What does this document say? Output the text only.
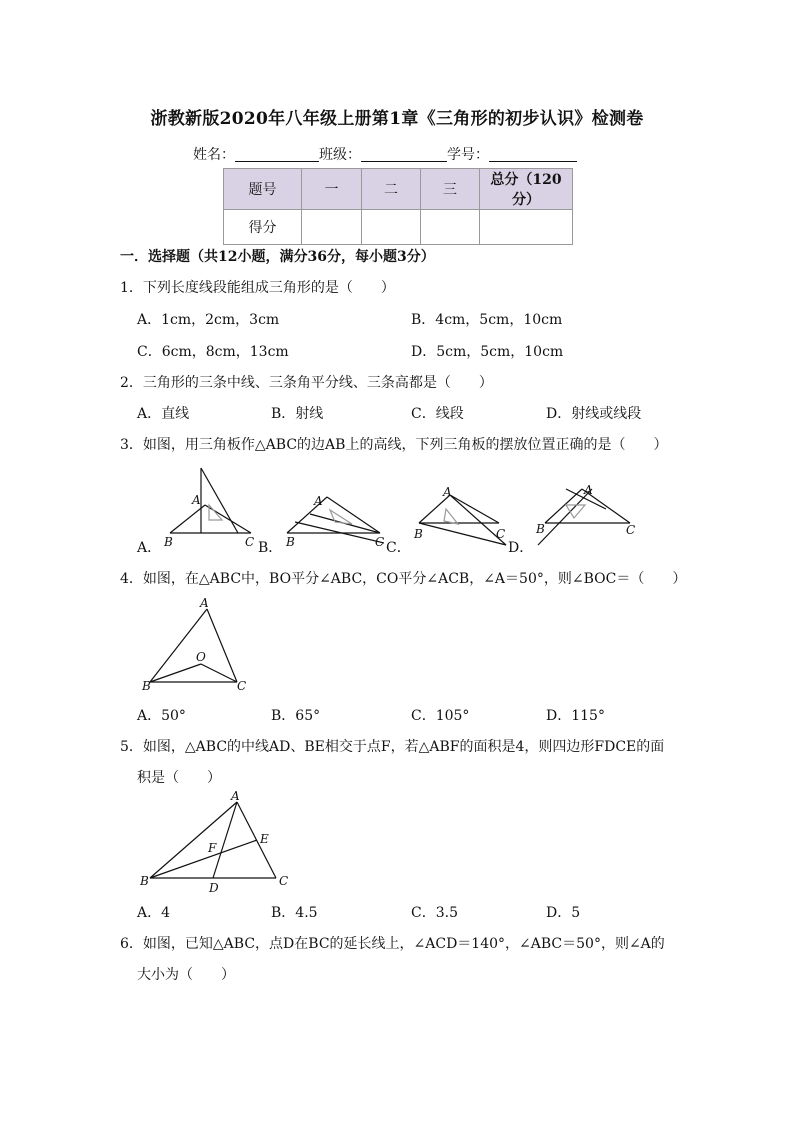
浙教新版2020年八年级上册第1章《三角形的初步认识》检测卷
姓名：	班级：	学号：
题号	一	二	三	总分（120分）
得分				
一．选择题（共12小题，满分36分，每小题3分）
1．下列长度线段能组成三角形的是（　　）
A．1cm，2cm，3cm	B．4cm，5cm，10cm
C．6cm，8cm，13cm	D．5cm，5cm，10cm
2．三角形的三条中线、三条角平分线、三条高都是（　　）
A．直线	B．射线	C．线段	D．射线或线段
3．如图，用三角板作△ABC的边AB上的高线，下列三角板的摆放位置正确的是（　　）
A．	B．	C．	D．
A
B	C
A
B	C
A
B	C
A
B	C
A
O
B	C
A
E
F
B	D	C
4．如图，在△ABC中，BO平分∠ABC，CO平分∠ACB，∠A＝50°，则∠BOC＝（　　）
A．50°	B．65°	C．105°	D．115°
5．如图，△ABC的中线AD、BE相交于点F，若△ABF的面积是4，则四边形FDCE的面
积是（　　）
A．4	B．4.5	C．3.5	D．5
6．如图，已知△ABC，点D在BC的延长线上，∠ACD＝140°，∠ABC＝50°，则∠A的
大小为（　　）
